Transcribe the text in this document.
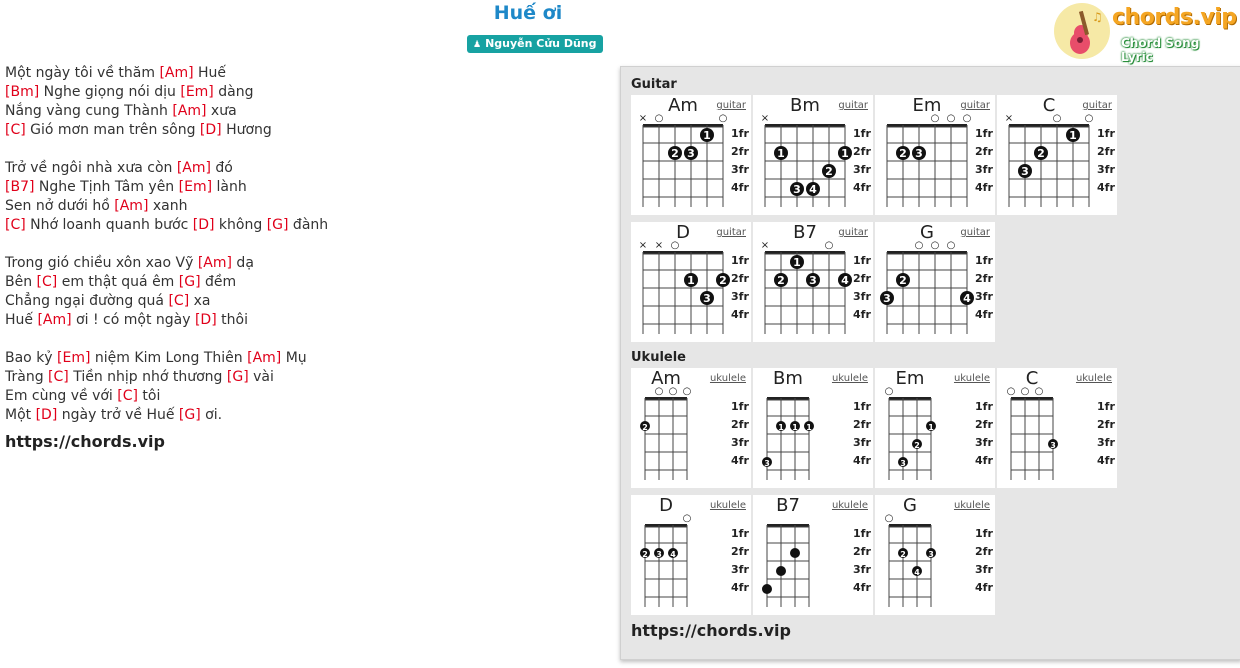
Huế ơi
♟ Nguyễn Cửu Dũng
♫ chords.vip
Chord Song Lyric
Một ngày tôi về thăm [Am] Huế
[Bm] Nghe giọng nói dịu [Em] dàng
Nắng vàng cung Thành [Am] xưa
[C] Gió mơn man trên sông [D] Hương
Trở về ngôi nhà xưa còn [Am] đó
[B7] Nghe Tịnh Tâm yên [Em] lành
Sen nở dưới hồ [Am] xanh
[C] Nhớ loanh quanh bước [D] không [G] đành
Trong gió chiều xôn xao Vỹ [Am] dạ
Bên [C] em thật quá êm [G] đềm
Chẳng ngại đường quá [C] xa
Huế [Am] ơi ! có một ngày [D] thôi
Bao kỷ [Em] niệm Kim Long Thiên [Am] Mụ
Tràng [C] Tiền nhịp nhớ thương [G] vài
Em cùng về với [C] tôi
Một [D] ngày trở về Huế [G] ơi.
https://chords.vip
Guitar
Am	guitar
1fr
2fr
3fr
4fr
× ○	○
2 3
1
Bm	guitar
1fr
2fr
3fr
4fr
×
1
3 4
2
1
Em	guitar
1fr
2fr
3fr
4fr
○ ○ ○
2 3
C	guitar
1fr
2fr
3fr
4fr
×	○ ○
3
2
1
D	guitar
1fr
2fr
3fr
4fr
× × ○
1
3
2
B7	guitar
1fr
2fr
3fr
4fr
×	○
2
1
3 4
G	guitar
1fr
2fr
3fr
4fr
○ ○ ○
3
2
4
Ukulele
Am	ukulele
1fr
2fr
3fr
4fr
○ ○ ○
2
Bm	ukulele
1fr
2fr
3fr
4fr
1 1 1
3
Em	ukulele
1fr
2fr
3fr
4fr
○
1
2
3
C	ukulele
1fr
2fr
3fr
4fr
○ ○ ○
3
D	ukulele
1fr
2fr
3fr
4fr
○
2 3 4
B7	ukulele
1fr
2fr
3fr
4fr
G	ukulele
1fr
2fr
3fr
4fr
○
2	3
4
https://chords.vip
